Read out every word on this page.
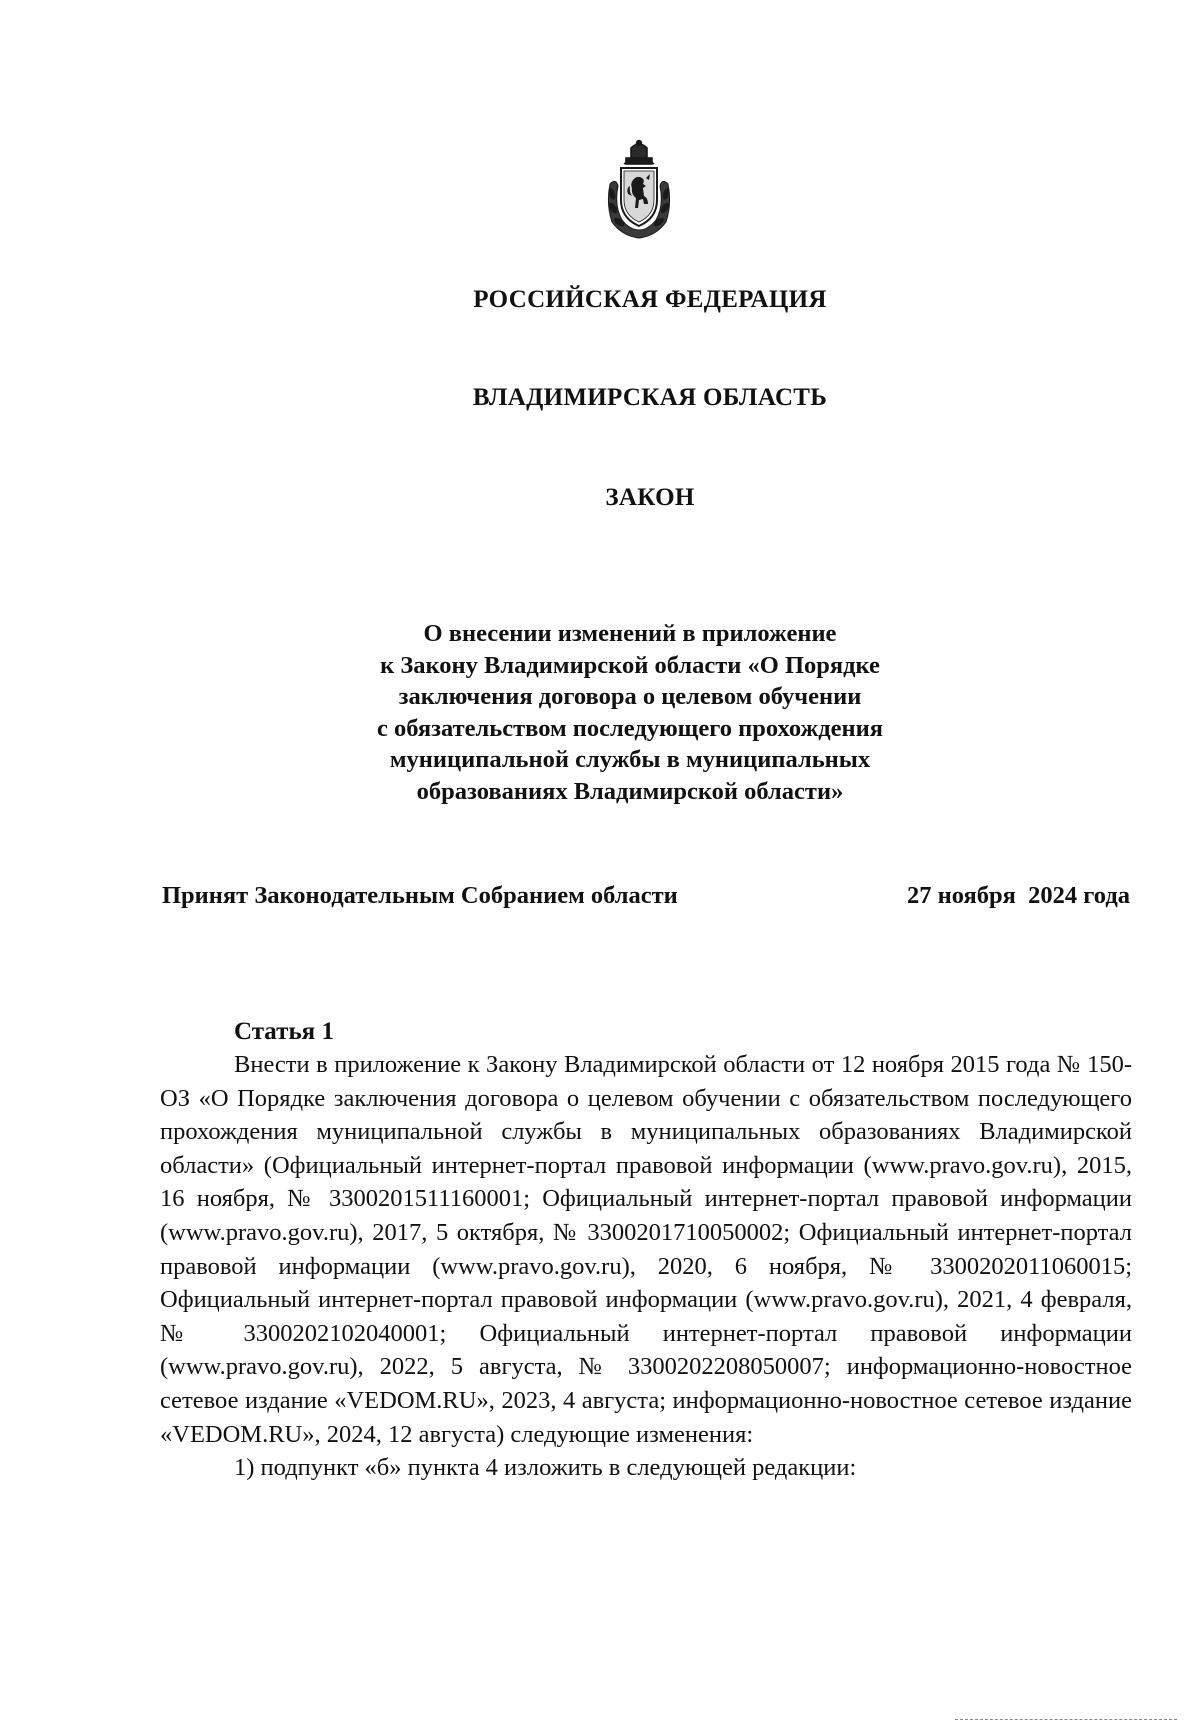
РОССИЙСКАЯ ФЕДЕРАЦИЯ
ВЛАДИМИРСКАЯ ОБЛАСТЬ
ЗАКОН
О внесении изменений в приложение
к Закону Владимирской области «О Порядке
заключения договора о целевом обучении
с обязательством последующего прохождения
муниципальной службы в муниципальных
образованиях Владимирской области»
Принят Законодательным Собранием области	27 ноября  2024 года
Статья 1

Внести в приложение к Закону Владимирской области от 12 ноября 2015 года № 150-ОЗ «О Порядке заключения договора о целевом обучении с обязательством последующего прохождения муниципальной службы в муниципальных образованиях Владимирской области» (Официальный интернет-портал правовой информации (www.pravo.gov.ru), 2015, 16 ноября, № 3300201511160001; Официальный интернет-портал правовой информации (www.pravo.gov.ru), 2017, 5 октября, № 3300201710050002; Официальный интернет-портал правовой информации (www.pravo.gov.ru), 2020, 6 ноября, № 3300202011060015; Официальный интернет-портал правовой информации (www.pravo.gov.ru), 2021, 4 февраля, № 3300202102040001; Официальный интернет-портал правовой информации (www.pravo.gov.ru), 2022, 5 августа, № 3300202208050007; информационно-новостное сетевое издание «VEDOM.RU», 2023, 4 августа; информационно-новостное сетевое издание «VEDOM.RU», 2024, 12 августа) следующие изменения:

1) подпункт «б» пункта 4 изложить в следующей редакции:
